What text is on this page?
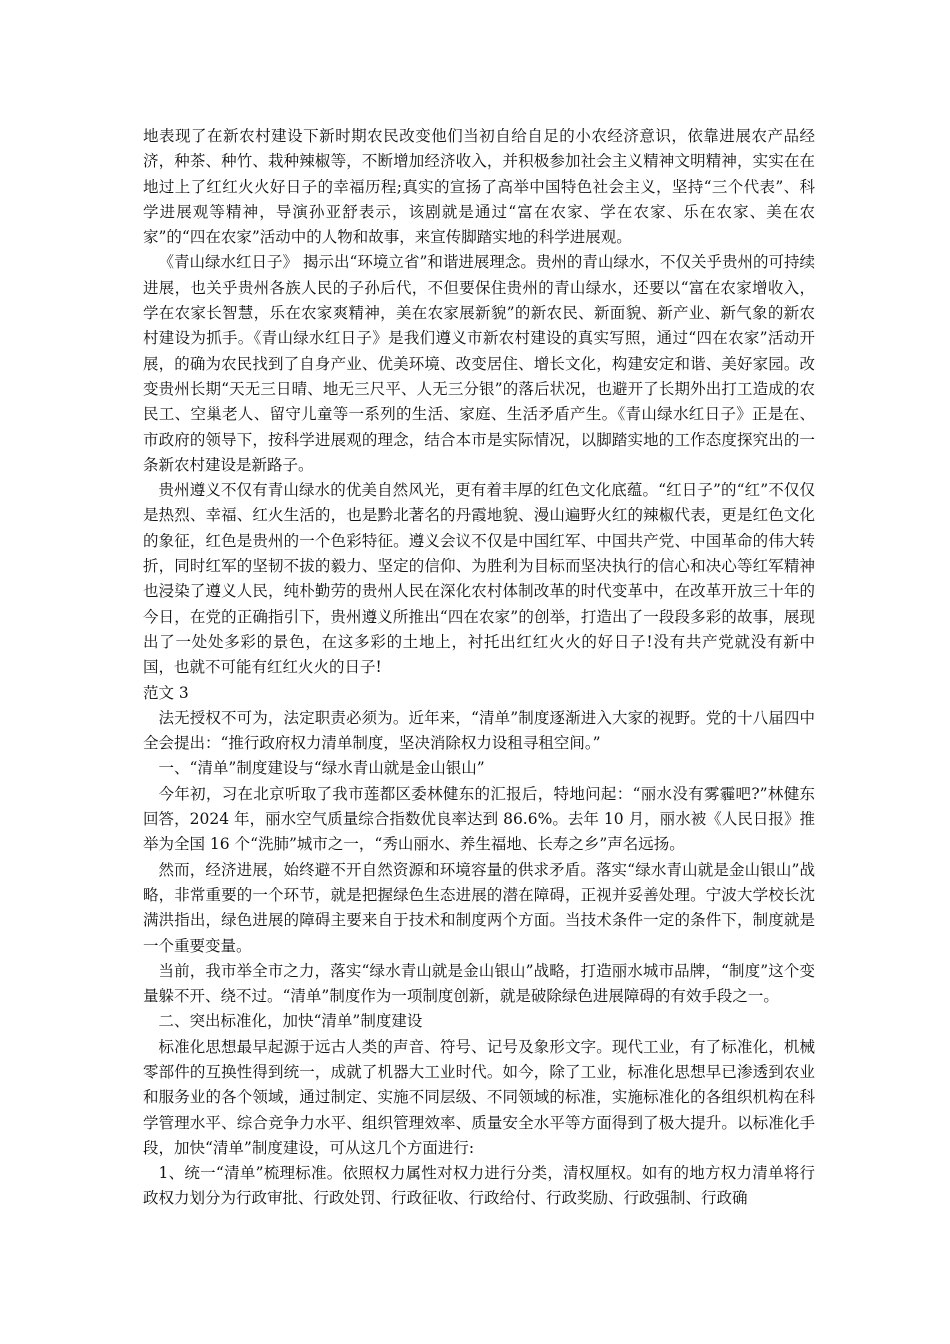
地表现了在新农村建设下新时期农民改变他们当初自给自足的小农经济意识，依靠进展农产品经济，种茶、种竹、栽种辣椒等，不断增加经济收入，并积极参加社会主义精神文明精神，实实在在地过上了红红火火好日子的幸福历程;真实的宣扬了高举中国特色社会主义，坚持“三个代表”、科学进展观等精神，导演孙亚舒表示，该剧就是通过“富在农家、学在农家、乐在农家、美在农家”的“四在农家”活动中的人物和故事，来宣传脚踏实地的科学进展观。

《青山绿水红日子》 揭示出“环境立省”和谐进展理念。贵州的青山绿水，不仅关乎贵州的可持续进展，也关乎贵州各族人民的子孙后代，不但要保住贵州的青山绿水，还要以“富在农家增收入，学在农家长智慧，乐在农家爽精神，美在农家展新貌”的新农民、新面貌、新产业、新气象的新农村建设为抓手。《青山绿水红日子》是我们遵义市新农村建设的真实写照，通过“四在农家”活动开展，的确为农民找到了自身产业、优美环境、改变居住、增长文化，构建安定和谐、美好家园。改变贵州长期“天无三日晴、地无三尺平、人无三分银”的落后状况，也避开了长期外出打工造成的农民工、空巢老人、留守儿童等一系列的生活、家庭、生活矛盾产生。《青山绿水红日子》正是在、市政府的领导下，按科学进展观的理念，结合本市是实际情况，以脚踏实地的工作态度探究出的一条新农村建设是新路子。

贵州遵义不仅有青山绿水的优美自然风光，更有着丰厚的红色文化底蕴。“红日子”的“红”不仅仅是热烈、幸福、红火生活的，也是黔北著名的丹霞地貌、漫山遍野火红的辣椒代表，更是红色文化的象征，红色是贵州的一个色彩特征。遵义会议不仅是中国红军、中国共产党、中国革命的伟大转折，同时红军的坚韧不拔的毅力、坚定的信仰、为胜利为目标而坚决执行的信心和决心等红军精神也浸染了遵义人民，纯朴勤劳的贵州人民在深化农村体制改革的时代变革中，在改革开放三十年的今日，在党的正确指引下，贵州遵义所推出“四在农家”的创举，打造出了一段段多彩的故事，展现出了一处处多彩的景色，在这多彩的土地上，衬托出红红火火的好日子!没有共产党就没有新中国，也就不可能有红红火火的日子!

范文 3

法无授权不可为，法定职责必须为。近年来，“清单”制度逐渐进入大家的视野。党的十八届四中全会提出：“推行政府权力清单制度，坚决消除权力设租寻租空间。”

一、“清单”制度建设与“绿水青山就是金山银山”

今年初，习在北京听取了我市莲都区委林健东的汇报后，特地问起：“丽水没有雾霾吧?”林健东回答，2024 年，丽水空气质量综合指数优良率达到 86.6%。去年 10 月，丽水被《人民日报》推举为全国 16 个“洗肺”城市之一，“秀山丽水、养生福地、长寿之乡”声名远扬。

然而，经济进展，始终避不开自然资源和环境容量的供求矛盾。落实“绿水青山就是金山银山”战略，非常重要的一个环节，就是把握绿色生态进展的潜在障碍，正视并妥善处理。宁波大学校长沈满洪指出，绿色进展的障碍主要来自于技术和制度两个方面。当技术条件一定的条件下，制度就是一个重要变量。

当前，我市举全市之力，落实“绿水青山就是金山银山”战略，打造丽水城市品牌，“制度”这个变量躲不开、绕不过。“清单”制度作为一项制度创新，就是破除绿色进展障碍的有效手段之一。

二、突出标准化，加快“清单”制度建设

标准化思想最早起源于远古人类的声音、符号、记号及象形文字。现代工业，有了标准化，机械零部件的互换性得到统一，成就了机器大工业时代。如今，除了工业，标准化思想早已渗透到农业和服务业的各个领域，通过制定、实施不同层级、不同领域的标准，实施标准化的各组织机构在科学管理水平、综合竞争力水平、组织管理效率、质量安全水平等方面得到了极大提升。以标准化手段，加快“清单”制度建设，可从这几个方面进行:

1、统一“清单”梳理标准。依照权力属性对权力进行分类，清权厘权。如有的地方权力清单将行政权力划分为行政审批、行政处罚、行政征收、行政给付、行政奖励、行政强制、行政确
